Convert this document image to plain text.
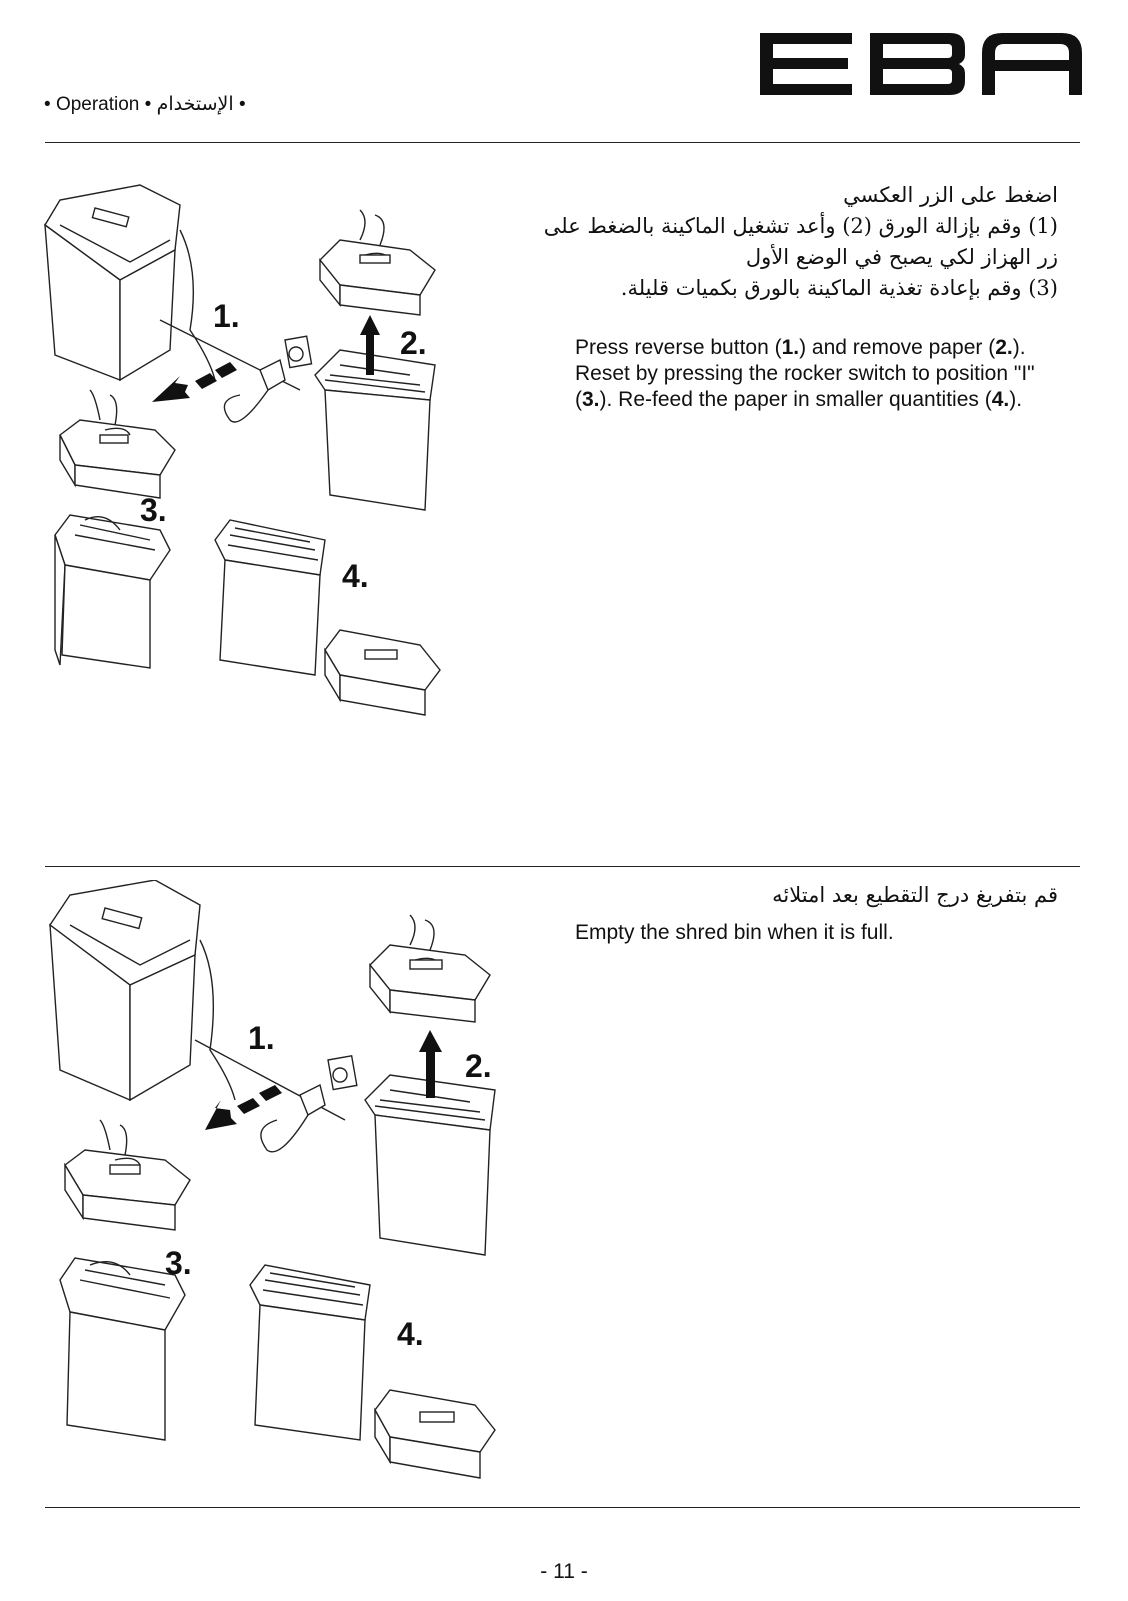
• Operation • الإستخدام •
1.
2.
3.
4.
اضغط على الزر العكسي
(1) وقم بإزالة الورق (2) وأعد تشغيل الماكينة بالضغط على
زر الهزاز لكي يصبح في الوضع الأول
(3) وقم بإعادة تغذية الماكينة بالورق بكميات قليلة.
Press reverse button (1.) and remove paper (2.). Reset by pressing the rocker switch to position "I" (3.). Re-feed the paper in smaller quantities (4.).
1.
2.
3.
4.
قم بتفريغ درج التقطيع بعد امتلائه
Empty the shred bin when it is full.
- 11 -
